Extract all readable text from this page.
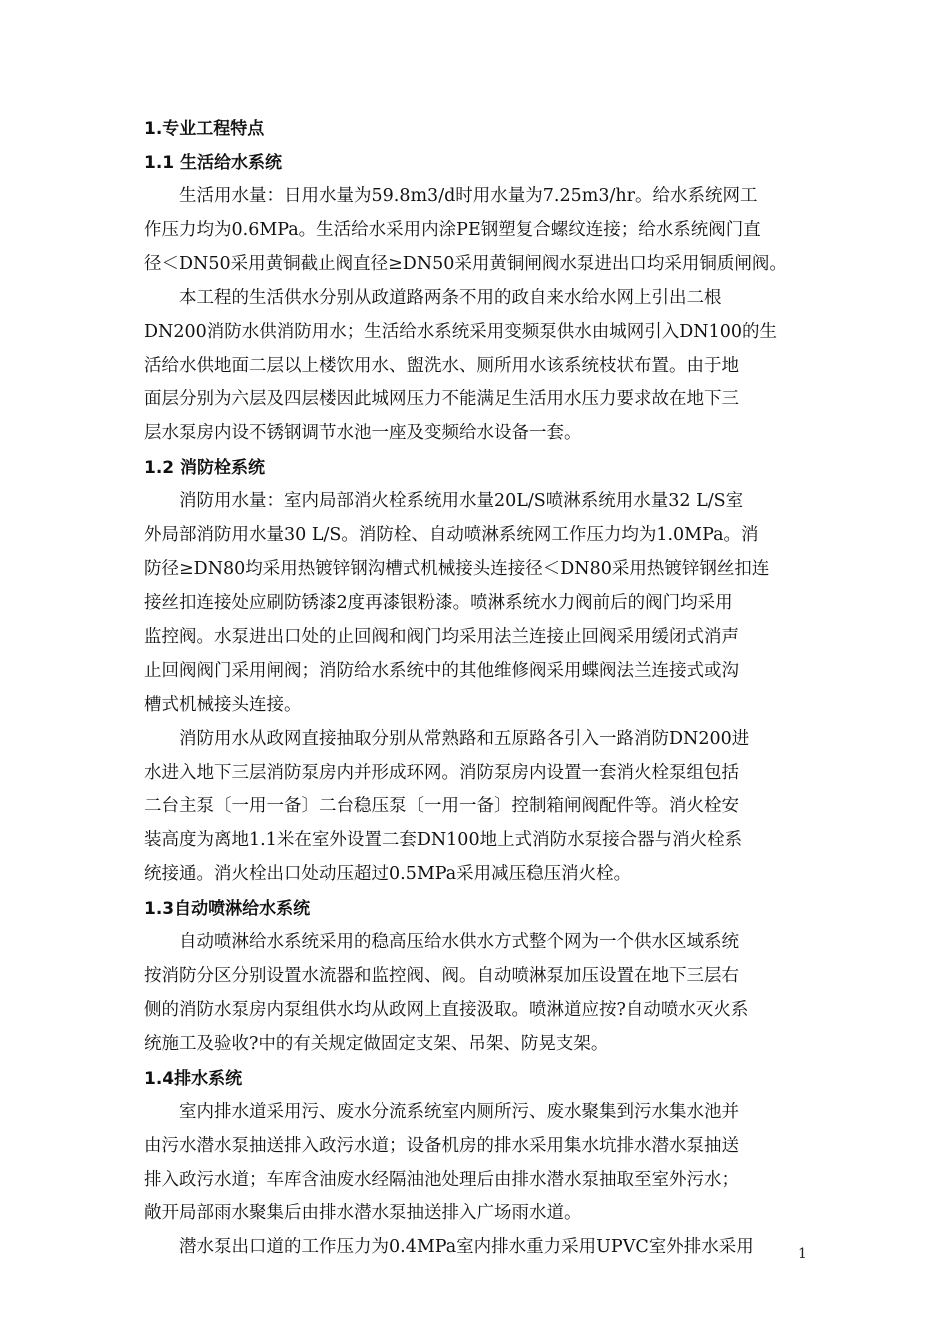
1.专业工程特点
1.1 生活给水系统

生活用水量：日用水量为59.8m3/d时用水量为7.25m3/hr。给水系统网工
作压力均为0.6MPa。生活给水采用内涂PE钢塑复合螺纹连接；给水系统阀门直
径＜DN50采用黄铜截止阀直径≥DN50采用黄铜闸阀水泵进出口均采用铜质闸阀。

本工程的生活供水分别从政道路两条不用的政自来水给水网上引出二根
DN200消防水供消防用水；生活给水系统采用变频泵供水由城网引入DN100的生
活给水供地面二层以上楼饮用水、盥洗水、厕所用水该系统枝状布置。由于地
面层分别为六层及四层楼因此城网压力不能满足生活用水压力要求故在地下三
层水泵房内设不锈钢调节水池一座及变频给水设备一套。

1.2 消防栓系统

消防用水量：室内局部消火栓系统用水量20L/S喷淋系统用水量32 L/S室
外局部消防用水量30 L/S。消防栓、自动喷淋系统网工作压力均为1.0MPa。消
防径≥DN80均采用热镀锌钢沟槽式机械接头连接径＜DN80采用热镀锌钢丝扣连
接丝扣连接处应刷防锈漆2度再漆银粉漆。喷淋系统水力阀前后的阀门均采用
监控阀。水泵进出口处的止回阀和阀门均采用法兰连接止回阀采用缓闭式消声
止回阀阀门采用闸阀；消防给水系统中的其他维修阀采用蝶阀法兰连接式或沟
槽式机械接头连接。

消防用水从政网直接抽取分别从常熟路和五原路各引入一路消防DN200进
水进入地下三层消防泵房内并形成环网。消防泵房内设置一套消火栓泵组包括
二台主泵〔一用一备〕二台稳压泵〔一用一备〕控制箱闸阀配件等。消火栓安
装高度为离地1.1米在室外设置二套DN100地上式消防水泵接合器与消火栓系
统接通。消火栓出口处动压超过0.5MPa采用减压稳压消火栓。

1.3自动喷淋给水系统

自动喷淋给水系统采用的稳高压给水供水方式整个网为一个供水区域系统
按消防分区分别设置水流器和监控阀、阀。自动喷淋泵加压设置在地下三层右
侧的消防水泵房内泵组供水均从政网上直接汲取。喷淋道应按?自动喷水灭火系
统施工及验收?中的有关规定做固定支架、吊架、防晃支架。

1.4排水系统

室内排水道采用污、废水分流系统室内厕所污、废水聚集到污水集水池并
由污水潜水泵抽送排入政污水道；设备机房的排水采用集水坑排水潜水泵抽送
排入政污水道；车库含油废水经隔油池处理后由排水潜水泵抽取至室外污水；
敞开局部雨水聚集后由排水潜水泵抽送排入广场雨水道。

潜水泵出口道的工作压力为0.4MPa室内排水重力采用UPVC室外排水采用	1
